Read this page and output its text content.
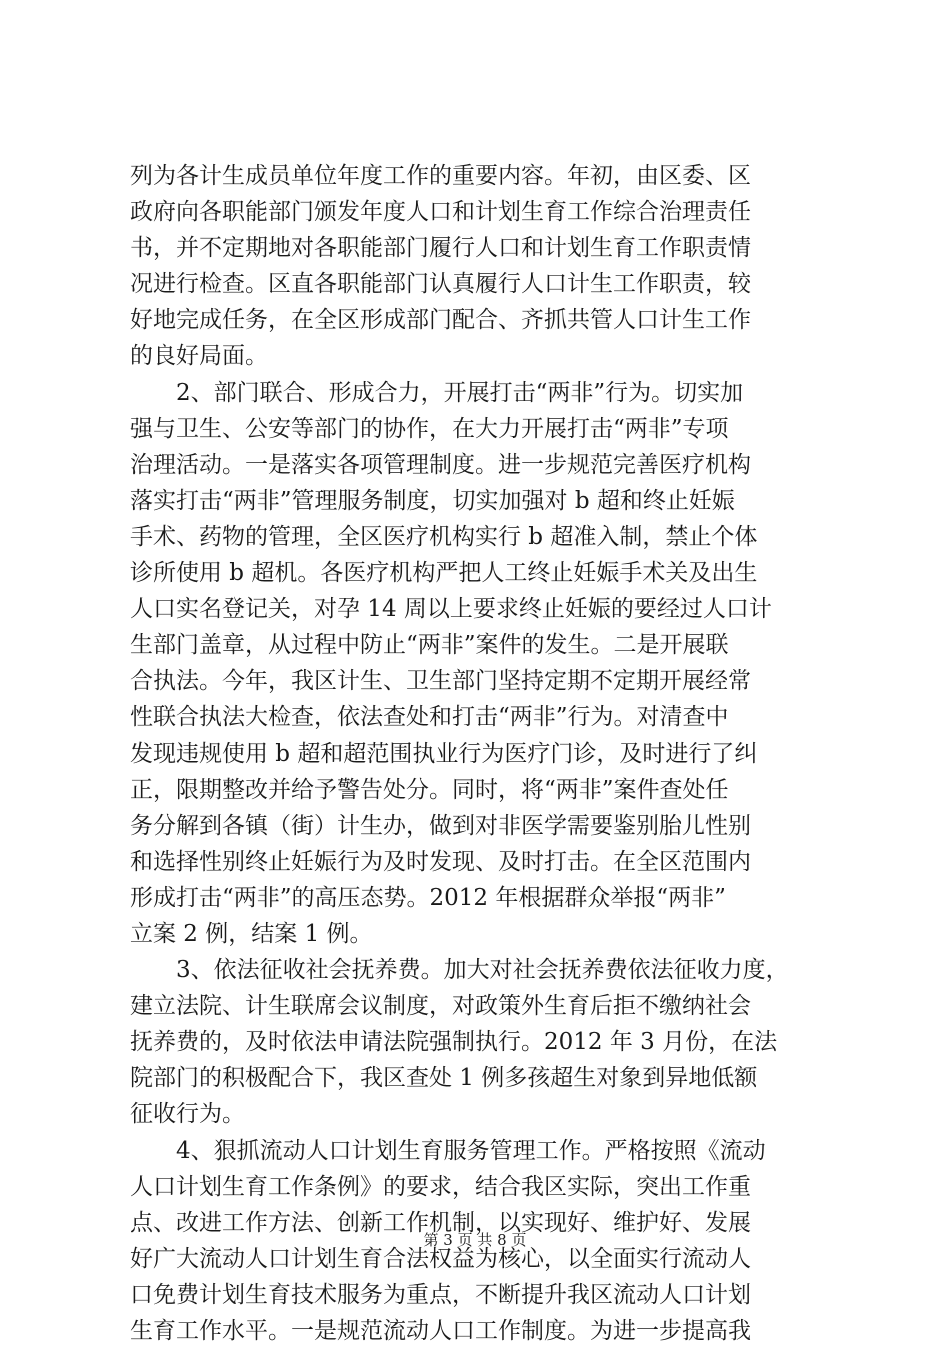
列为各计生成员单位年度工作的重要内容。年初，由区委、区
政府向各职能部门颁发年度人口和计划生育工作综合治理责任
书，并不定期地对各职能部门履行人口和计划生育工作职责情
况进行检查。区直各职能部门认真履行人口计生工作职责，较
好地完成任务，在全区形成部门配合、齐抓共管人口计生工作
的良好局面。
　　2、部门联合、形成合力，开展打击“两非”行为。切实加
强与卫生、公安等部门的协作，在大力开展打击“两非”专项
治理活动。一是落实各项管理制度。进一步规范完善医疗机构
落实打击“两非”管理服务制度，切实加强对 b 超和终止妊娠
手术、药物的管理，全区医疗机构实行 b 超准入制，禁止个体
诊所使用 b 超机。各医疗机构严把人工终止妊娠手术关及出生
人口实名登记关，对孕 14 周以上要求终止妊娠的要经过人口计
生部门盖章，从过程中防止“两非”案件的发生。二是开展联
合执法。今年，我区计生、卫生部门坚持定期不定期开展经常
性联合执法大检查，依法查处和打击“两非”行为。对清查中
发现违规使用 b 超和超范围执业行为医疗门诊，及时进行了纠
正，限期整改并给予警告处分。同时，将“两非”案件查处任
务分解到各镇（街）计生办，做到对非医学需要鉴别胎儿性别
和选择性别终止妊娠行为及时发现、及时打击。在全区范围内
形成打击“两非”的高压态势。2012 年根据群众举报“两非”
立案 2 例，结案 1 例。
　　3、依法征收社会抚养费。加大对社会抚养费依法征收力度，
建立法院、计生联席会议制度，对政策外生育后拒不缴纳社会
抚养费的，及时依法申请法院强制执行。2012 年 3 月份，在法
院部门的积极配合下，我区查处 1 例多孩超生对象到异地低额
征收行为。
　　4、狠抓流动人口计划生育服务管理工作。严格按照《流动
人口计划生育工作条例》的要求，结合我区实际，突出工作重
点、改进工作方法、创新工作机制，以实现好、维护好、发展
好广大流动人口计划生育合法权益为核心，以全面实行流动人
口免费计划生育技术服务为重点，不断提升我区流动人口计划
生育工作水平。一是规范流动人口工作制度。为进一步提高我
第 3 页 共 8 页
